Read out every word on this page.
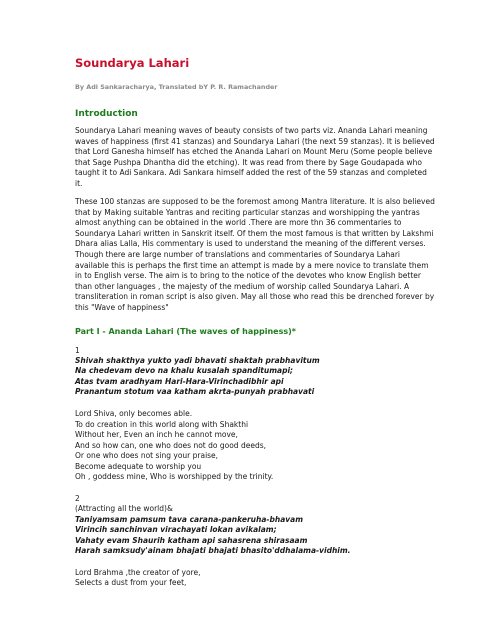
Soundarya Lahari

By Adi Sankaracharya, Translated bY P. R. Ramachander

Introduction

Soundarya Lahari meaning waves of beauty consists of two parts viz. Ananda Lahari meaning waves of happiness (first 41 stanzas) and Soundarya Lahari (the next 59 stanzas). It is believed that Lord Ganesha himself has etched the Ananda Lahari on Mount Meru (Some people believe that Sage Pushpa Dhantha did the etching). It was read from there by Sage Goudapada who taught it to Adi Sankara. Adi Sankara himself added the rest of the 59 stanzas and completed it.

These 100 stanzas are supposed to be the foremost among Mantra literature. It is also believed that by Making suitable Yantras and reciting particular stanzas and worshipping the yantras almost anything can be obtained in the world .There are more thn 36 commentaries to Soundarya Lahari written in Sanskrit itself. Of them the most famous is that written by Lakshmi Dhara alias Lalla, His commentary is used to understand the meaning of the different verses. Though there are large number of translations and commentaries of Soundarya Lahari available this is perhaps the first time an attempt is made by a mere novice to translate them in to English verse. The aim is to bring to the notice of the devotes who know English better than other languages , the majesty of the medium of worship called Soundarya Lahari. A transliteration in roman script is also given. May all those who read this be drenched forever by this "Wave of happiness"

Part I - Ananda Lahari (The waves of happiness)*

1

Shivah shakthya yukto yadi bhavati shaktah prabhavitum

Na chedevam devo na khalu kusalah spanditumapi;

Atas tvam aradhyam Hari-Hara-Virinchadibhir api

Pranantum stotum vaa katham akrta-punyah prabhavati

Lord Shiva, only becomes able.

To do creation in this world along with Shakthi

Without her, Even an inch he cannot move,

And so how can, one who does not do good deeds,

Or one who does not sing your praise,

Become adequate to worship you

Oh , goddess mine, Who is worshipped by the trinity.

2

(Attracting all the world)&

Taniyamsam pamsum tava carana-pankeruha-bhavam

Virincih sanchinvan virachayati lokan avikalam;

Vahaty evam Shaurih katham api sahasrena shirasaam

Harah samksudy'ainam bhajati bhajati bhasito'ddhalama-vidhim.

Lord Brahma ,the creator of yore,

Selects a dust from your feet,
